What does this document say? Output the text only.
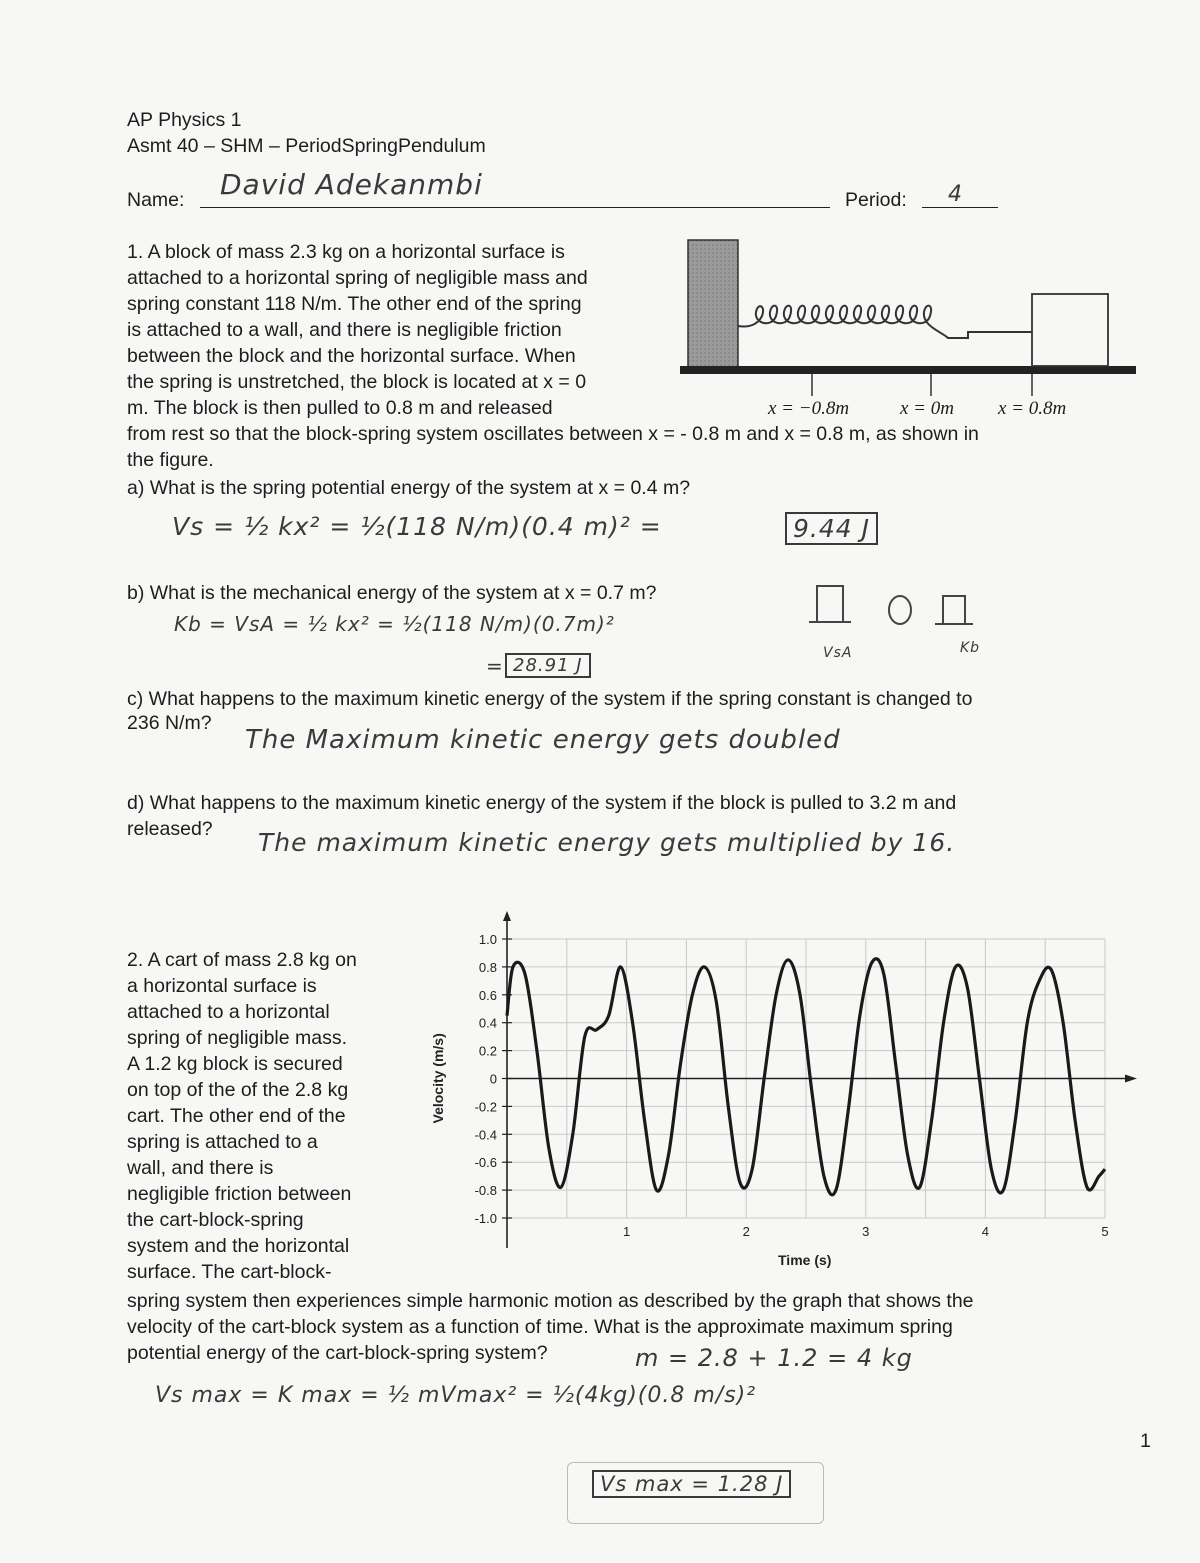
AP Physics 1
Asmt 40 – SHM – PeriodSpringPendulum
Name: David Adekanmbi	Period: 4
1. A block of mass 2.3 kg on a horizontal surface is
attached to a horizontal spring of negligible mass and
spring constant 118 N/m. The other end of the spring
is attached to a wall, and there is negligible friction
between the block and the horizontal surface. When
the spring is unstretched, the block is located at x = 0
m. The block is then pulled to 0.8 m and released
from rest so that the block-spring system oscillates between x = - 0.8 m and x = 0.8 m, as shown in
the figure.
x = −0.8m	x = 0m x = 0.8m
a) What is the spring potential energy of the system at x = 0.4 m?
Vs = ½ kx² = ½(118 N/m)(0.4 m)² =	9.44 J
b) What is the mechanical energy of the system at x = 0.7 m?
Kb = VsA = ½ kx² = ½(118 N/m)(0.7m)²
= 28.91 J
VsA	Kb
c) What happens to the maximum kinetic energy of the system if the spring constant is changed to
236 N/m?
The Maximum kinetic energy gets doubled
d) What happens to the maximum kinetic energy of the system if the block is pulled to 3.2 m and
released? The maximum kinetic energy gets multiplied by 16.
2. A cart of mass 2.8 kg on
a horizontal surface is
attached to a horizontal
spring of negligible mass.
A 1.2 kg block is secured
on top of the of the 2.8 kg
cart. The other end of the
spring is attached to a
wall, and there is
negligible friction between
the cart-block-spring
system and the horizontal
surface. The cart-block-
spring system then experiences simple harmonic motion as described by the graph that shows the
velocity of the cart-block system as a function of time. What is the approximate maximum spring
potential energy of the cart-block-spring system?	m = 2.8 + 1.2 = 4 kg
1.0
0.8
0.6
0.4
0.2
0
-0.2
-0.4
-0.6
-0.8
-1.0
1	2	3	4	5
Velocity (m/s)
Time (s)
Vs max = K max = ½ mVmax² = ½(4kg)(0.8 m/s)²
Vs max = 1.28 J
1
